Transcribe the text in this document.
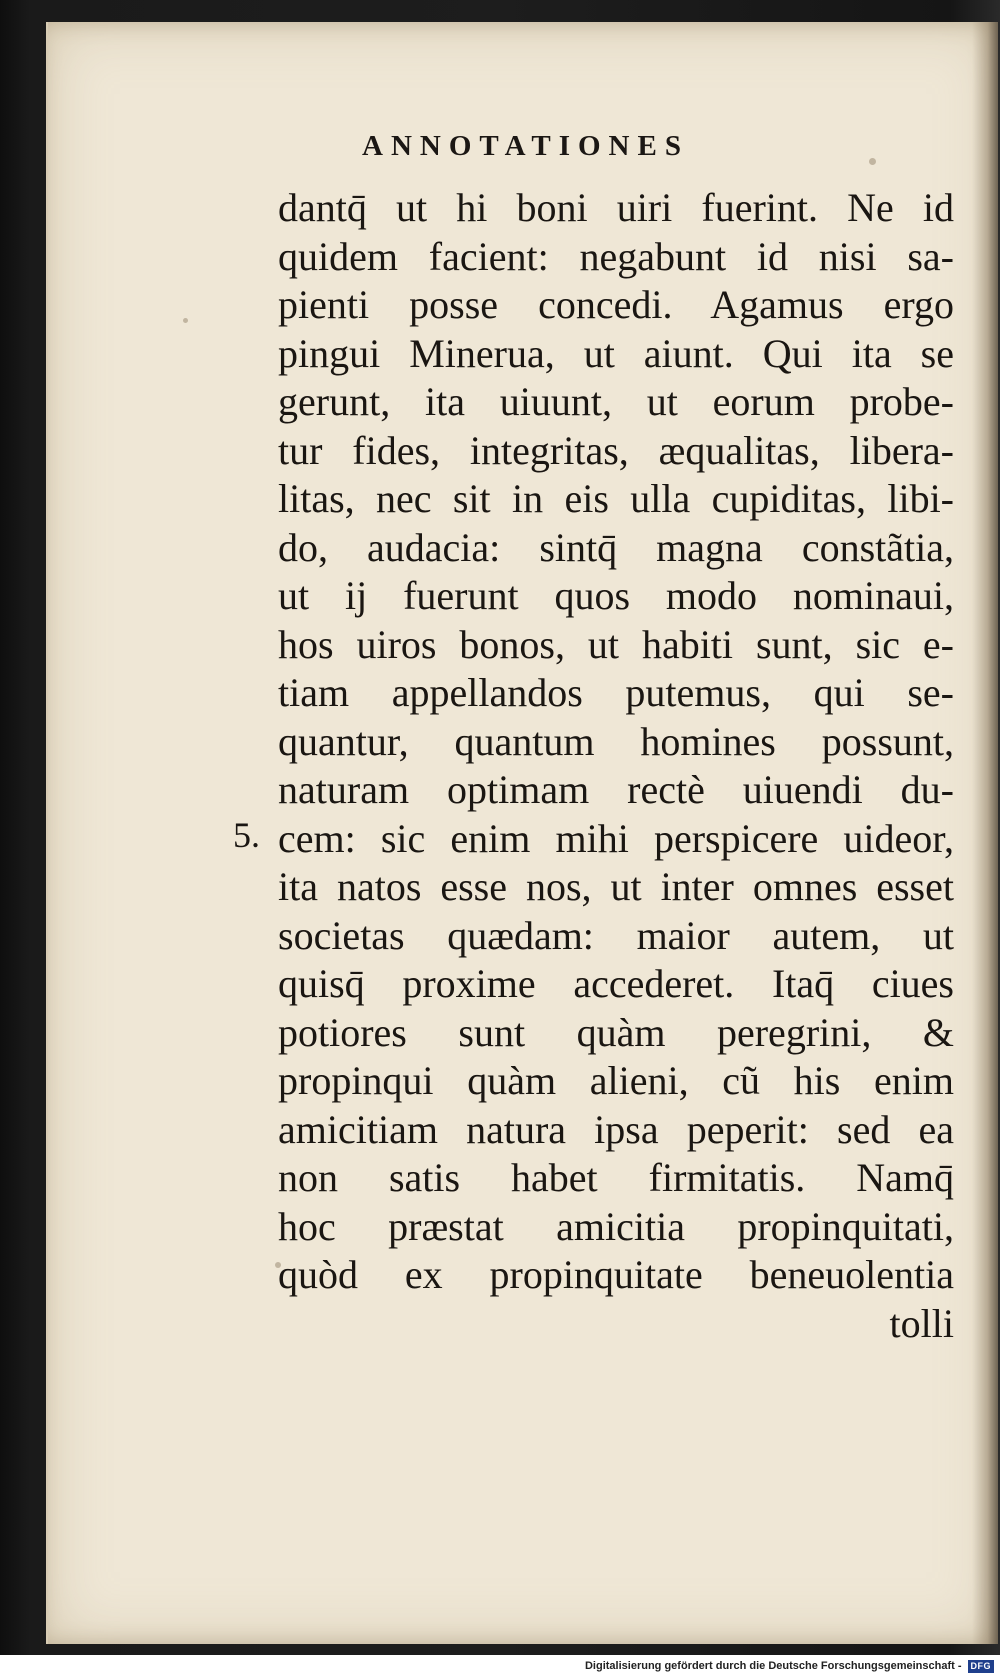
ANNOTATIONES
5.
dantq̄ ut hi boni uiri fuerint. Ne id
quidem facient: negabunt id nisi sa-
pienti posse concedi. Agamus ergo
pingui Minerua, ut aiunt. Qui ita se
gerunt, ita uiuunt, ut eorum probe-
tur fides, integritas, æqualitas, libera-
litas, nec sit in eis ulla cupiditas, libi-
do, audacia: sintq̄ magna constãtia,
ut ij fuerunt quos modo nominaui,
hos uiros bonos, ut habiti sunt, sic e-
tiam appellandos putemus, qui se-
quantur, quantum homines possunt,
naturam optimam rectè uiuendi du-
cem: sic enim mihi perspicere uideor,
ita natos esse nos, ut inter omnes esset
societas quædam: maior autem, ut
quisq̄ proxime accederet. Itaq̄ ciues
potiores sunt quàm peregrini, &
propinqui quàm alieni, cũ his enim
amicitiam natura ipsa peperit: sed ea
non satis habet firmitatis. Namq̄
hoc præstat amicitia propinquitati,
quòd ex propinquitate beneuolentia
tolli
Digitalisierung gefördert durch die Deutsche Forschungsgemeinschaft -	DFG
